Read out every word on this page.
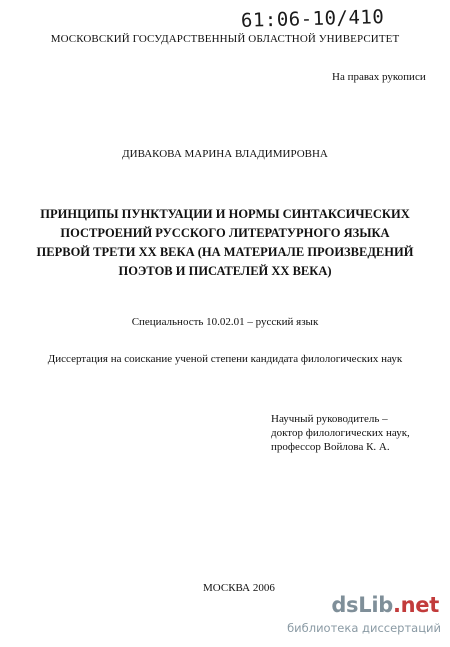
61:06-10/410
МОСКОВСКИЙ ГОСУДАРСТВЕННЫЙ ОБЛАСТНОЙ УНИВЕРСИТЕТ
На правах рукописи
ДИВАКОВА МАРИНА ВЛАДИМИРОВНА
ПРИНЦИПЫ ПУНКТУАЦИИ И НОРМЫ СИНТАКСИЧЕСКИХ
ПОСТРОЕНИЙ РУССКОГО ЛИТЕРАТУРНОГО ЯЗЫКА
ПЕРВОЙ ТРЕТИ XX ВЕКА (НА МАТЕРИАЛЕ ПРОИЗВЕДЕНИЙ
ПОЭТОВ И ПИСАТЕЛЕЙ XX ВЕКА)
Специальность 10.02.01 – русский язык
Диссертация на соискание ученой степени кандидата филологических наук
Научный руководитель –
доктор филологических наук,
профессор Войлова К. А.
МОСКВА 2006
dsLib.net
библиотека диссертаций
